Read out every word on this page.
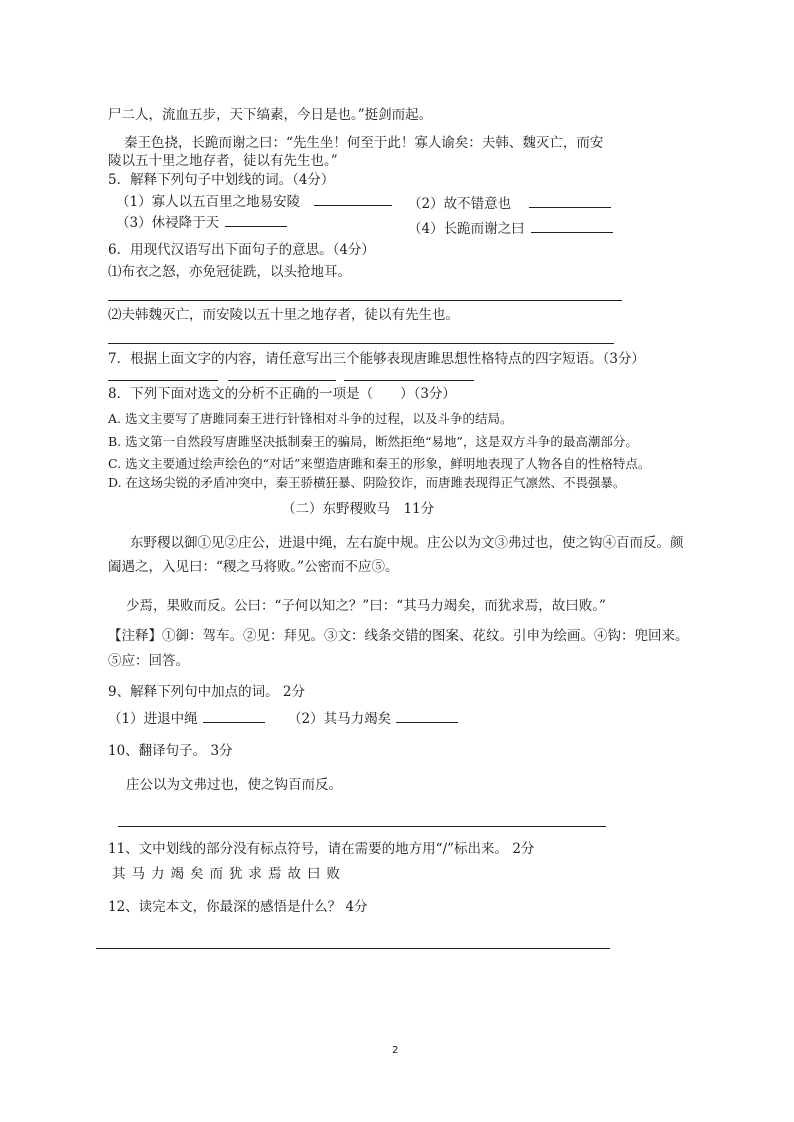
尸二人，流血五步，天下缟素，今日是也。”挺剑而起。
秦王色挠，长跪而谢之曰：“先生坐！何至于此！寡人谕矣：夫韩、魏灭亡，而安
陵以五十里之地存者，徒以有先生也。”
5．解释下列句子中划线的词。（4分）
（1）寡人以五百里之地易安陵	（2）故不错意也
（3）休祲降于天	（4）长跪而谢之曰
6．用现代汉语写出下面句子的意思。（4分）
⑴布衣之怒，亦免冠徒跣，以头抢地耳。
⑵夫韩魏灭亡，而安陵以五十里之地存者，徒以有先生也。
7．根据上面文字的内容，请任意写出三个能够表现唐雎思想性格特点的四字短语。（3分）
8．下列下面对选文的分析不正确的一项是（　　）（3分）
A. 选文主要写了唐雎同秦王进行针锋相对斗争的过程，以及斗争的结局。
B. 选文第一自然段写唐雎坚决抵制秦王的骗局，断然拒绝“易地”，这是双方斗争的最高潮部分。
C. 选文主要通过绘声绘色的“对话”来塑造唐雎和秦王的形象，鲜明地表现了人物各自的性格特点。
D. 在这场尖锐的矛盾冲突中，秦王骄横狂暴、阴险狡诈，而唐雎表现得正气凛然、不畏强暴。
（二）东野稷败马　11分
东野稷以御①见②庄公，进退中绳，左右旋中规。庄公以为文③弗过也，使之钩④百而反。颜
阖遇之，入见曰：“稷之马将败。”公密而不应⑤。
少焉，果败而反。公曰：“子何以知之？”曰：“其马力竭矣，而犹求焉，故曰败。”
【注释】①御：驾车。②见：拜见。③文：线条交错的图案、花纹。引申为绘画。④钩：兜回来。
⑤应：回答。
9、解释下列句中加点的词。 2分
（1）进退中绳	（2）其马力竭矣
10、翻译句子。 3分
庄公以为文弗过也，使之钩百而反。
11、文中划线的部分没有标点符号，请在需要的地方用“/”标出来。 2分
其马力竭矣而犹求焉故曰败
12、读完本文，你最深的感悟是什么？ 4分
2
